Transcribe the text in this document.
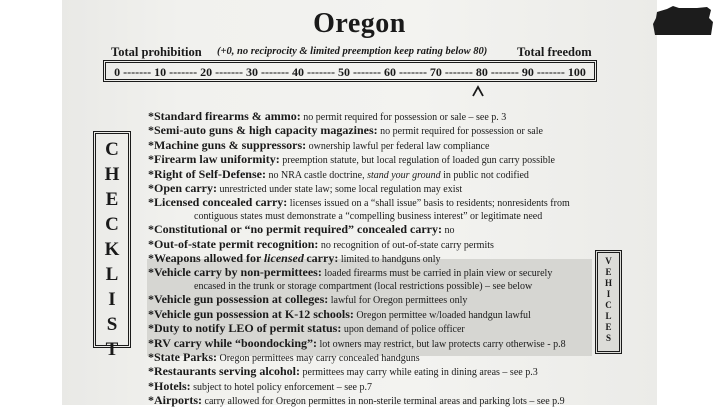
Oregon
Total prohibition (+0, no reciprocity & limited preemption keep rating below 80) Total freedom
0 ------- 10 ------- 20 ------- 30 ------- 40 ------- 50 ------- 60 ------- 70 ------- 80 ------- 90 ------- 100
C
H
E
C
K
L
I
S
T
V
E
H
I
C
L
E
S
*Standard firearms & ammo: no permit required for possession or sale – see p. 3
*Semi-auto guns & high capacity magazines: no permit required for possession or sale
*Machine guns & suppressors: ownership lawful per federal law compliance
*Firearm law uniformity: preemption statute, but local regulation of loaded gun carry possible
*Right of Self-Defense: no NRA castle doctrine, stand your ground in public not codified
*Open carry: unrestricted under state law; some local regulation may exist
*Licensed concealed carry: licenses issued on a “shall issue” basis to residents; nonresidents from
contiguous states must demonstrate a “compelling business interest” or legitimate need
*Constitutional or “no permit required” concealed carry: no
*Out-of-state permit recognition: no recognition of out-of-state carry permits
*Weapons allowed for licensed carry: limited to handguns only
*Vehicle carry by non-permittees: loaded firearms must be carried in plain view or securely
encased in the trunk or storage compartment (local restrictions possible) – see below
*Vehicle gun possession at colleges: lawful for Oregon permittees only
*Vehicle gun possession at K-12 schools: Oregon permittee w/loaded handgun lawful
*Duty to notify LEO of permit status: upon demand of police officer
*RV carry while “boondocking”: lot owners may restrict, but law protects carry otherwise - p.8
*State Parks: Oregon permittees may carry concealed handguns
*Restaurants serving alcohol: permittees may carry while eating in dining areas – see p.3
*Hotels: subject to hotel policy enforcement – see p.7
*Airports: carry allowed for Oregon permittes in non-sterile terminal areas and parking lots – see p.9
